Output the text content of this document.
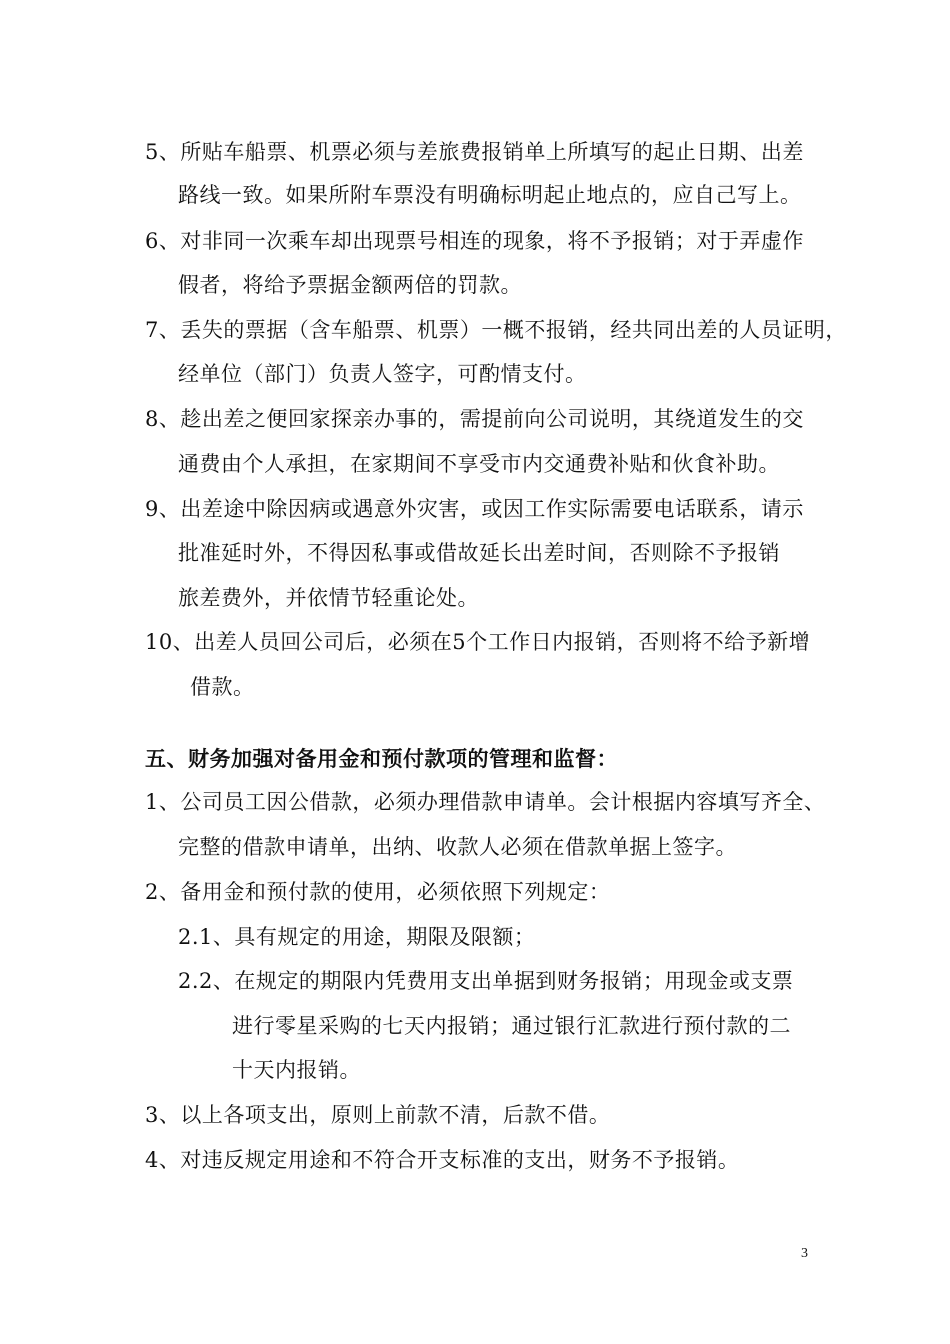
5、所贴车船票、机票必须与差旅费报销单上所填写的起止日期、出差
路线一致。如果所附车票没有明确标明起止地点的，应自己写上。
6、对非同一次乘车却出现票号相连的现象，将不予报销；对于弄虚作
假者，将给予票据金额两倍的罚款。
7、丢失的票据（含车船票、机票）一概不报销，经共同出差的人员证明，
经单位（部门）负责人签字，可酌情支付。
8、趁出差之便回家探亲办事的，需提前向公司说明，其绕道发生的交
通费由个人承担，在家期间不享受市内交通费补贴和伙食补助。
9、出差途中除因病或遇意外灾害，或因工作实际需要电话联系，请示
批准延时外，不得因私事或借故延长出差时间，否则除不予报销
旅差费外，并依情节轻重论处。
10、出差人员回公司后，必须在5个工作日内报销，否则将不给予新增
借款。
五、财务加强对备用金和预付款项的管理和监督：
1、公司员工因公借款，必须办理借款申请单。会计根据内容填写齐全、
完整的借款申请单，出纳、收款人必须在借款单据上签字。
2、备用金和预付款的使用，必须依照下列规定：
2.1、具有规定的用途，期限及限额；
2.2、在规定的期限内凭费用支出单据到财务报销；用现金或支票
进行零星采购的七天内报销；通过银行汇款进行预付款的二
十天内报销。
3、以上各项支出，原则上前款不清，后款不借。
4、对违反规定用途和不符合开支标准的支出，财务不予报销。
3
